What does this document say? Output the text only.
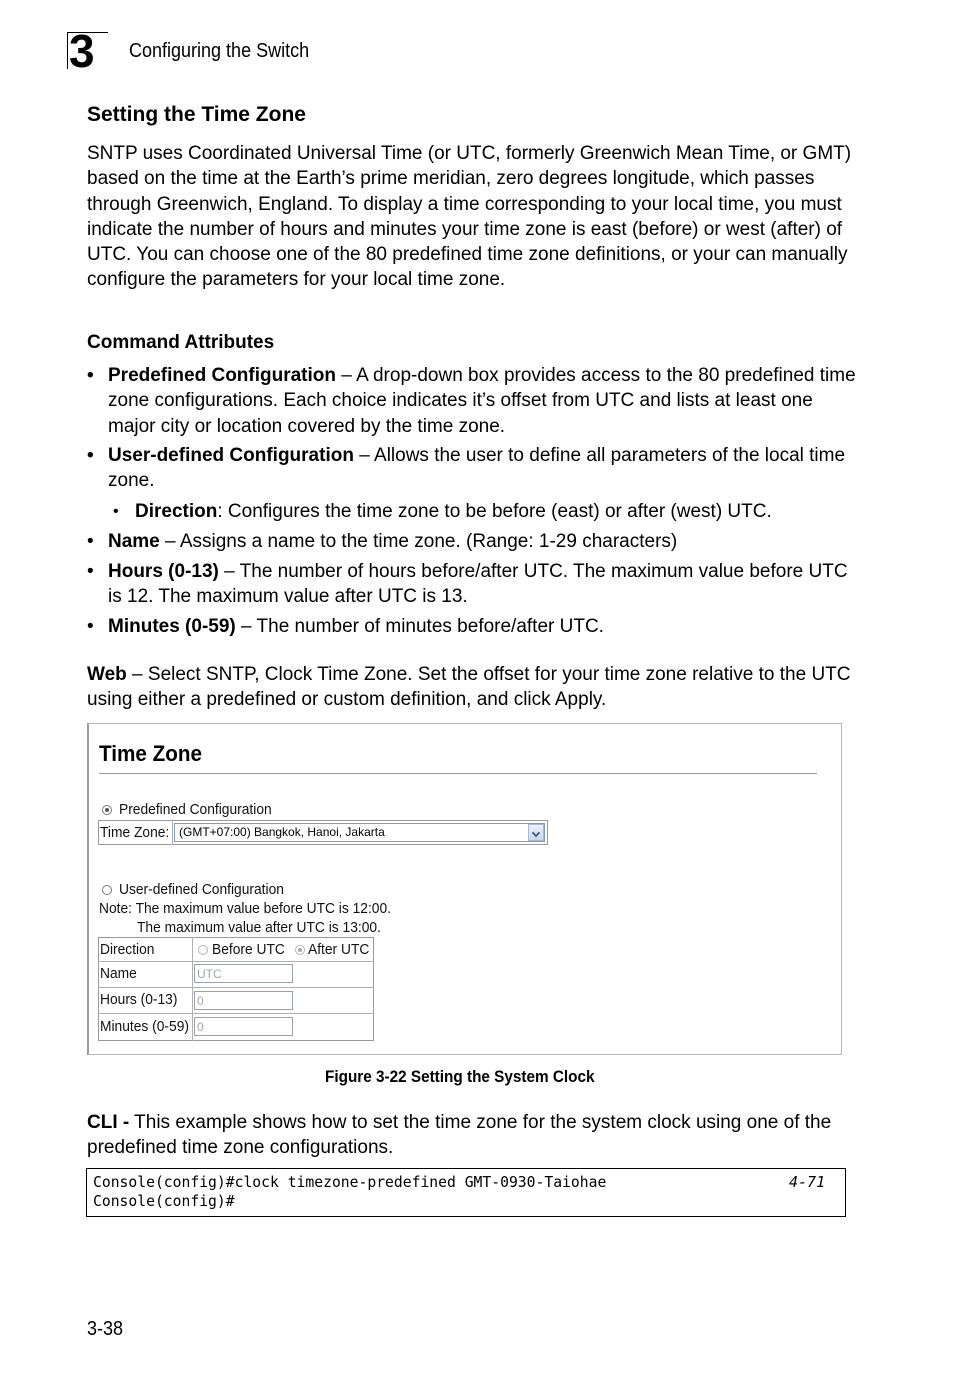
3 Configuring the Switch
Setting the Time Zone
SNTP uses Coordinated Universal Time (or UTC, formerly Greenwich Mean Time, or GMT) based on the time at the Earth’s prime meridian, zero degrees longitude, which passes through Greenwich, England. To display a time corresponding to your local time, you must indicate the number of hours and minutes your time zone is east (before) or west (after) of UTC. You can choose one of the 80 predefined time zone definitions, or your can manually configure the parameters for your local time zone.
Command Attributes
• Predefined Configuration – A drop-down box provides access to the 80 predefined time zone configurations. Each choice indicates it’s offset from UTC and lists at least one major city or location covered by the time zone.
• User-defined Configuration – Allows the user to define all parameters of the local time zone.
• Direction: Configures the time zone to be before (east) or after (west) UTC.
• Name – Assigns a name to the time zone. (Range: 1-29 characters)
• Hours (0-13) – The number of hours before/after UTC. The maximum value before UTC is 12. The maximum value after UTC is 13.
• Minutes (0-59) – The number of minutes before/after UTC.
Web – Select SNTP, Clock Time Zone. Set the offset for your time zone relative to the UTC using either a predefined or custom definition, and click Apply.
Time Zone
Predefined Configuration
Time Zone: (GMT+07:00) Bangkok, Hanoi, Jakarta
User-defined Configuration
Note: The maximum value before UTC is 12:00.
The maximum value after UTC is 13:00.
Direction	Before UTC After UTC
Name	UTC
Hours (0-13) 0
Minutes (0-59) 0
Figure 3-22 Setting the System Clock
CLI - This example shows how to set the time zone for the system clock using one of the predefined time zone configurations.
Console(config)#clock timezone-predefined GMT-0930-Taiohae	4-71
Console(config)#
3-38
